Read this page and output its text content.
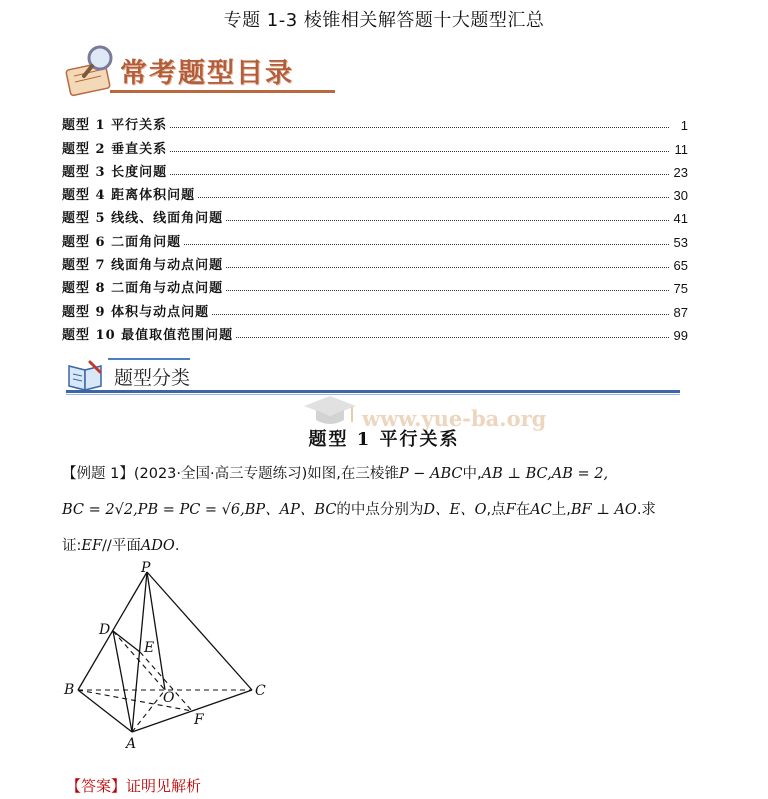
专题 1-3 棱锥相关解答题十大题型汇总
常考题型目录
题型 1 平行关系	1
题型 2 垂直关系	11
题型 3 长度问题	23
题型 4 距离体积问题	30
题型 5 线线、线面角问题	41
题型 6 二面角问题	53
题型 7 线面角与动点问题	65
题型 8 二面角与动点问题	75
题型 9 体积与动点问题	87
题型 10 最值取值范围问题	99
题型分类
www.yue-ba.org
题型 1 平行关系
【例题 1】(2023·全国·高三专题练习)如图,在三棱锥P − ABC中,AB ⊥ BC,AB = 2,
BC = 2√2,PB = PC = √6,BP、AP、BC的中点分别为D、E、O,点F在AC上,BF ⊥ AO.求
证:EF//平面ADO.
P
D
E
B	O	C
F
A
【答案】证明见解析
